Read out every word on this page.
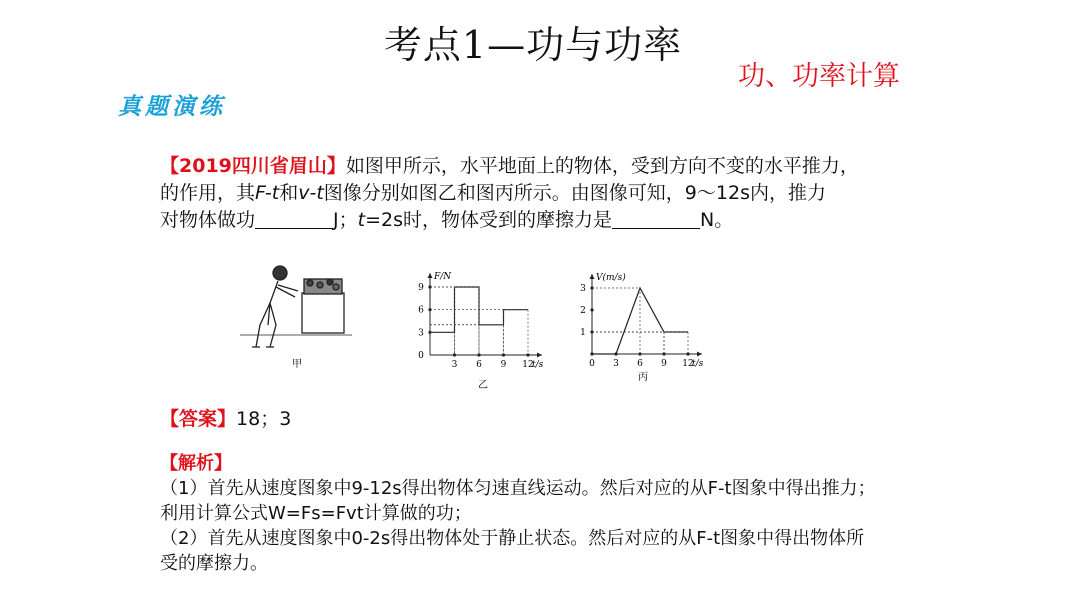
考点1—功与功率
功、功率计算
真题演练
【2019四川省眉山】如图甲所示，水平地面上的物体，受到方向不变的水平推力，
的作用，其F-t和v-t图像分别如图乙和图丙所示。由图像可知，9～12s内，推力
对物体做功	J；t=2s时，物体受到的摩擦力是	N。
甲
F/N
t/s
0
3
6
9
3 6 9 12
乙
V(m/s)
t/s
1
2
3
0 3 6 9 12
丙
【答案】18；3
【解析】
（1）首先从速度图象中9-12s得出物体匀速直线运动。然后对应的从F-t图象中得出推力；
利用计算公式W=Fs=Fvt计算做的功；
（2）首先从速度图象中0-2s得出物体处于静止状态。然后对应的从F-t图象中得出物体所
受的摩擦力。
